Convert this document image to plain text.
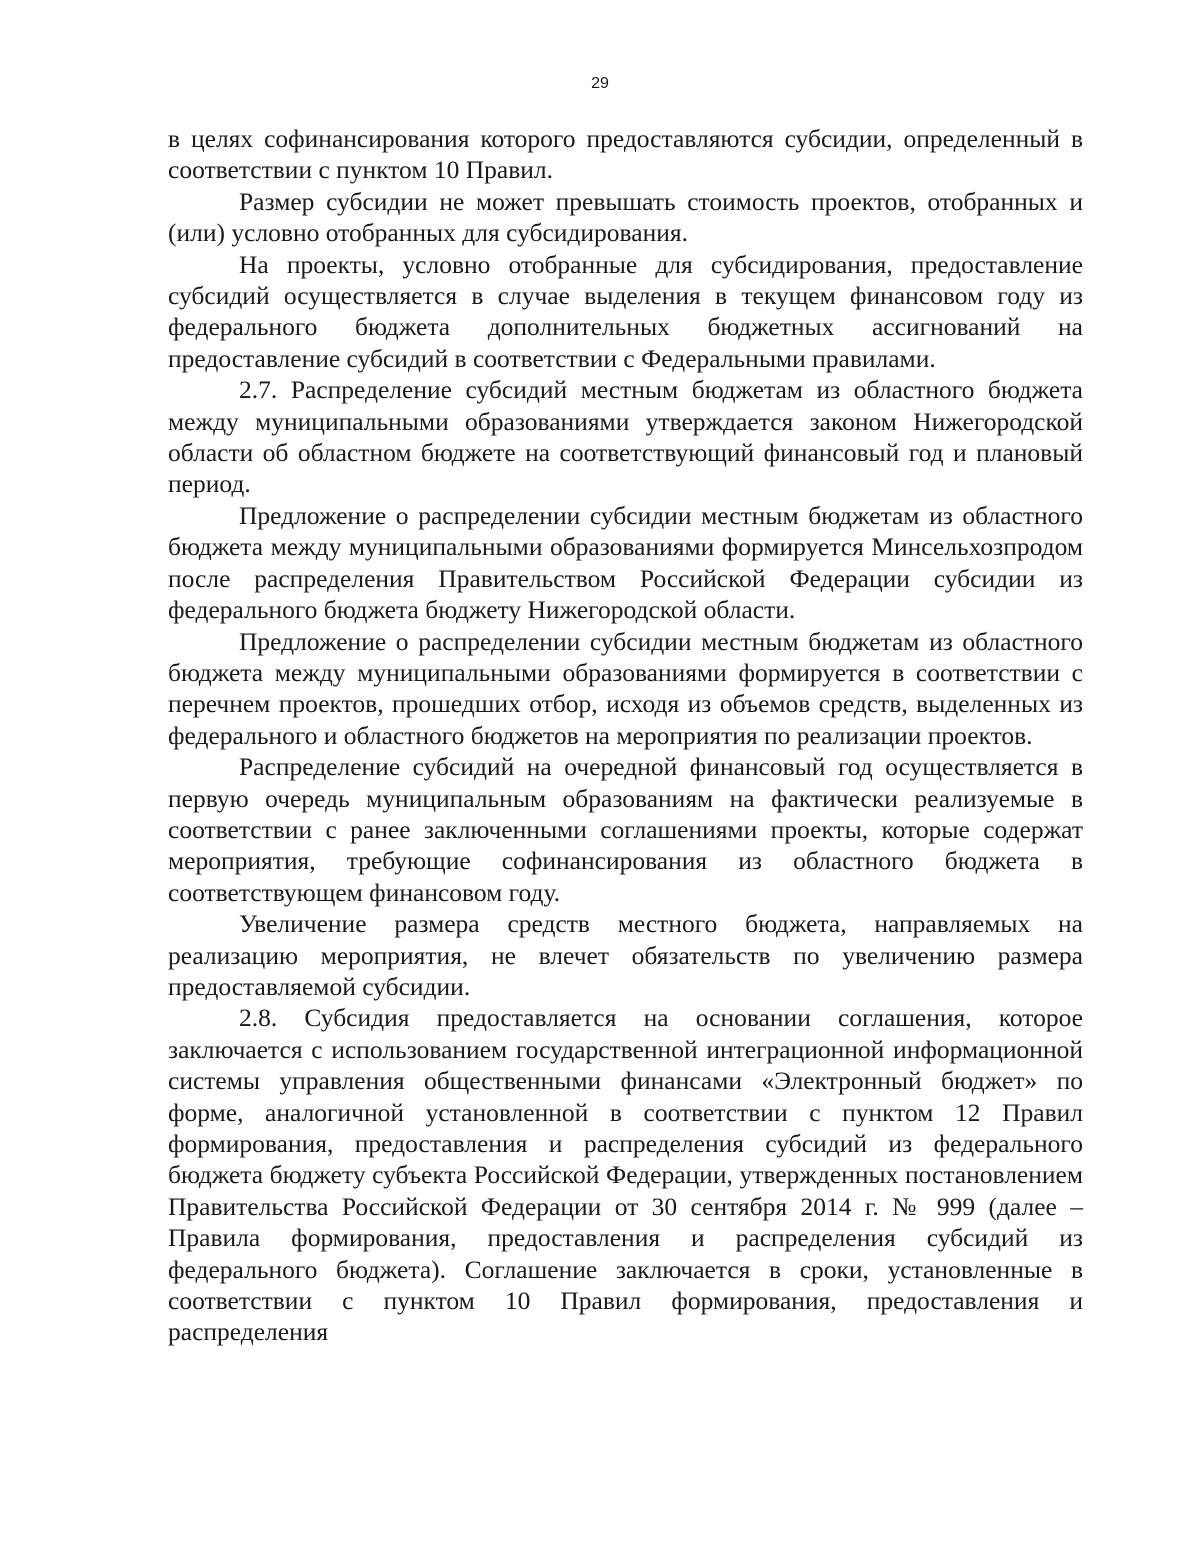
29

в целях софинансирования которого предоставляются субсидии, определенный в соответствии с пунктом 10 Правил.

Размер субсидии не может превышать стоимость проектов, отобранных и (или) условно отобранных для субсидирования.

На проекты, условно отобранные для субсидирования, предоставление субсидий осуществляется в случае выделения в текущем финансовом году из федерального бюджета дополнительных бюджетных ассигнований на предоставление субсидий в соответствии с Федеральными правилами.

2.7. Распределение субсидий местным бюджетам из областного бюджета между муниципальными образованиями утверждается законом Нижегородской области об областном бюджете на соответствующий финансовый год и плановый период.

Предложение о распределении субсидии местным бюджетам из областного бюджета между муниципальными образованиями формируется Минсельхозпродом после распределения Правительством Российской Федерации субсидии из федерального бюджета бюджету Нижегородской области.

Предложение о распределении субсидии местным бюджетам из областного бюджета между муниципальными образованиями формируется в соответствии с перечнем проектов, прошедших отбор, исходя из объемов средств, выделенных из федерального и областного бюджетов на мероприятия по реализации проектов.

Распределение субсидий на очередной финансовый год осуществляется в первую очередь муниципальным образованиям на фактически реализуемые в соответствии с ранее заключенными соглашениями проекты, которые содержат мероприятия, требующие софинансирования из областного бюджета в соответствующем финансовом году.

Увеличение размера средств местного бюджета, направляемых на реализацию мероприятия, не влечет обязательств по увеличению размера предоставляемой субсидии.

2.8. Субсидия предоставляется на основании соглашения, которое заключается с использованием государственной интеграционной информационной системы управления общественными финансами «Электронный бюджет» по форме, аналогичной установленной в соответствии с пунктом 12 Правил формирования, предоставления и распределения субсидий из федерального бюджета бюджету субъекта Российской Федерации, утвержденных постановлением Правительства Российской Федерации от 30 сентября 2014 г. № 999 (далее – Правила формирования, предоставления и распределения субсидий из федерального бюджета). Соглашение заключается в сроки, установленные в соответствии с пунктом 10 Правил формирования, предоставления и распределения
